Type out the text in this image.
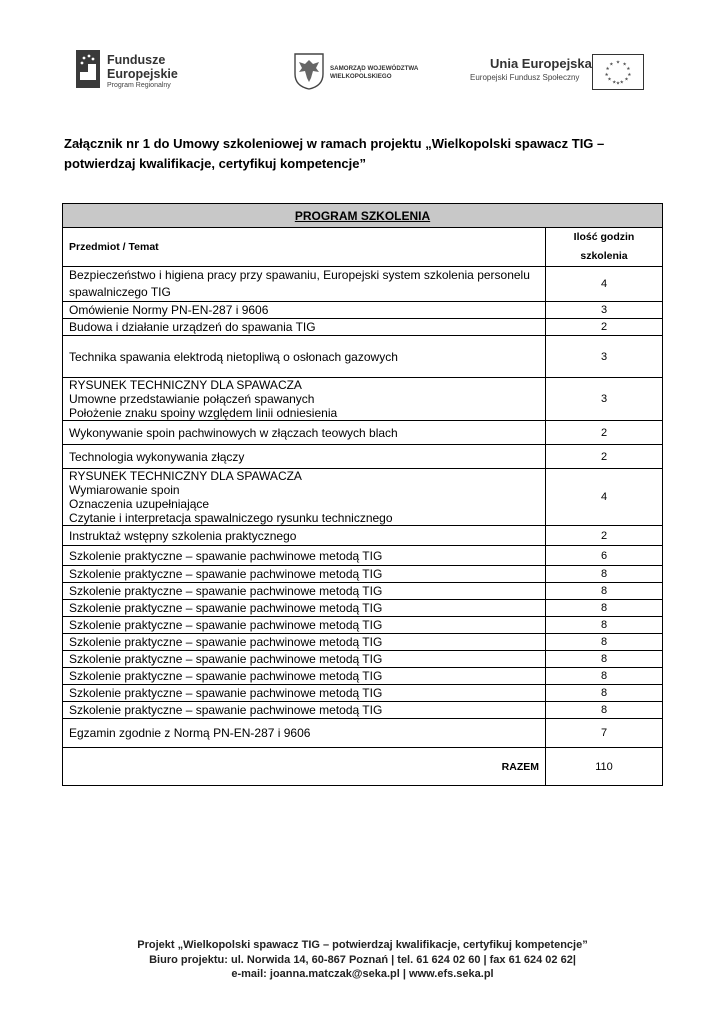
Fundusze
Europejskie
Program Regionalny
SAMORZĄD WOJEWÓDZTWA
WIELKOPOLSKIEGO
Unia Europejska
Europejski Fundusz Społeczny
★ ★
★
★
★
★
★
★
★
★
★
★
Załącznik nr 1 do Umowy szkoleniowej w ramach projektu „Wielkopolski spawacz TIG – potwierdzaj kwalifikacje, certyfikuj kompetencje”
PROGRAM SZKOLENIA	
Przedmiot / Temat	Ilość godzin
szkolenia

Bezpieczeństwo i higiena pracy przy spawaniu, Europejski system szkolenia personelu
spawalniczego TIG	4

Omówienie Normy PN-EN-287 i 9606	3

Budowa i działanie urządzeń do spawania TIG	2

Technika spawania elektrodą nietopliwą o osłonach gazowych	3

RYSUNEK TECHNICZNY DLA SPAWACZA
Umowne przedstawianie połączeń spawanych
Położenie znaku spoiny względem linii odniesienia	3

Wykonywanie spoin pachwinowych w złączach teowych blach	2

Technologia wykonywania złączy	2

RYSUNEK TECHNICZNY DLA SPAWACZA
Wymiarowanie spoin
Oznaczenia uzupełniające
Czytanie i interpretacja spawalniczego rysunku technicznego	4

Instruktaż wstępny szkolenia praktycznego	2

Szkolenie praktyczne – spawanie pachwinowe metodą TIG	6

Szkolenie praktyczne – spawanie pachwinowe metodą TIG	8

Szkolenie praktyczne – spawanie pachwinowe metodą TIG	8

Szkolenie praktyczne – spawanie pachwinowe metodą TIG	8

Szkolenie praktyczne – spawanie pachwinowe metodą TIG	8

Szkolenie praktyczne – spawanie pachwinowe metodą TIG	8

Szkolenie praktyczne – spawanie pachwinowe metodą TIG	8

Szkolenie praktyczne – spawanie pachwinowe metodą TIG	8

Szkolenie praktyczne – spawanie pachwinowe metodą TIG	8

Szkolenie praktyczne – spawanie pachwinowe metodą TIG	8

Egzamin zgodnie z Normą PN-EN-287 i 9606	7
RAZEM	110
Projekt „Wielkopolski spawacz TIG – potwierdzaj kwalifikacje, certyfikuj kompetencje”
Biuro projektu: ul. Norwida 14, 60-867 Poznań | tel. 61 624 02 60 | fax 61 624 02 62|
e-mail: joanna.matczak@seka.pl | www.efs.seka.pl
